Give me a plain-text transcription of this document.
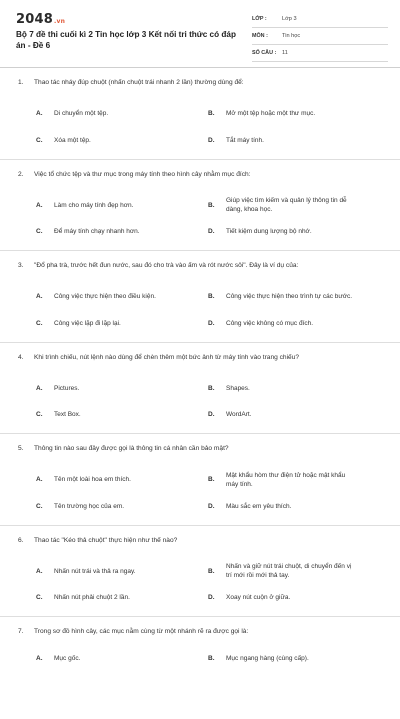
2048.vn
Bộ 7 đề thi cuối kì 2 Tin học lớp 3 Kết nối tri thức có đáp án - Đề 6
LỚP :	Lớp 3
MÔN :	Tin học
SỐ CÂU :	11
1.	Thao tác nháy đúp chuột (nhấn chuột trái nhanh 2 lần) thường dùng để:
A.	Di chuyển một tệp.	B.	Mở một tệp hoặc một thư mục.
C.	Xóa một tệp.	D.	Tắt máy tính.
2.	Việc tổ chức tệp và thư mục trong máy tính theo hình cây nhằm mục đích:
A.	Làm cho máy tính đẹp hơn.	B.
Giúp việc tìm kiếm và quản lý thông tin dễ dàng, khoa học.
C.	Để máy tính chạy nhanh hơn.	D.	Tiết kiệm dung lượng bộ nhớ.
3.	"Đổ pha trà, trước hết đun nước, sau đó cho trà vào ấm và rót nước sôi". Đây là ví dụ của:
A.	Công việc thực hiện theo điều kiện.	B.	Công việc thực hiện theo trình tự các bước.
C.	Công việc lặp đi lặp lại.	D.	Công việc không có mục đích.
4.	Khi trình chiếu, nút lệnh nào dùng để chèn thêm một bức ảnh từ máy tính vào trang chiếu?
A.	Pictures.	B.	Shapes.
C.	Text Box.	D.	WordArt.
5.	Thông tin nào sau đây được gọi là thông tin cá nhân cần bảo mật?
A.	Tên một loài hoa em thích.	B.
Mật khẩu hòm thư điện tử hoặc mật khẩu máy tính.
C.	Tên trường học của em.	D.	Màu sắc em yêu thích.
6.	Thao tác "Kéo thả chuột" thực hiện như thế nào?
A.	Nhấn nút trái và thả ra ngay.	B.
Nhấn và giữ nút trái chuột, di chuyển đến vị trí mới rồi mới thả tay.
C.	Nhấn nút phải chuột 2 lần.	D.	Xoay nút cuộn ở giữa.
7.	Trong sơ đồ hình cây, các mục nằm cùng từ một nhánh rẽ ra được gọi là:
A.	Mục gốc.	B.	Mục ngang hàng (cùng cấp).
